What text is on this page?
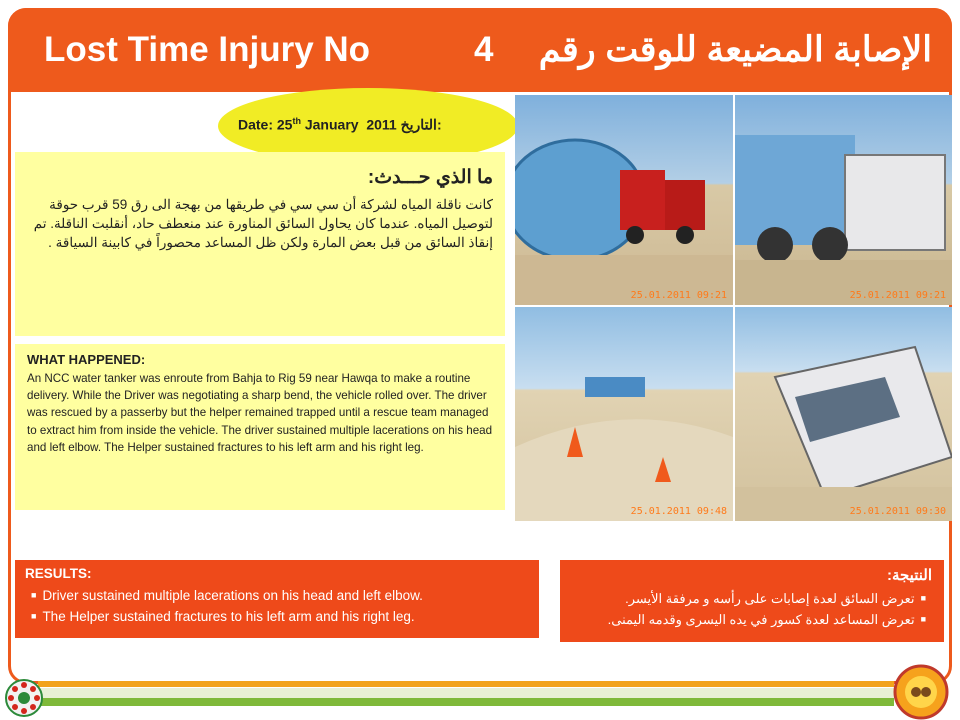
Lost Time Injury No	4 الإصابة المضيعة للوقت رقم
Date: 25th January  2011 التاريخ:
ما الذي حـــدث:
كانت ناقلة المياه لشركة أن سي سي في طريقها من بهجة الى رق 59 قرب حوقة لتوصيل المياه. عندما كان يحاول السائق المناورة عند منعطف حاد، أنقلبت الناقلة. تم إنقاذ السائق من قبل بعض المارة ولكن ظل المساعد محصوراً في كابينة السياقة .
WHAT HAPPENED:
An NCC water tanker was enroute from Bahja to Rig 59 near Hawqa to make a routine delivery. While the Driver was negotiating a sharp bend, the vehicle rolled over. The driver was rescued by a passerby but the helper remained trapped until a rescue team managed to extract him from inside the vehicle. The driver sustained multiple lacerations on his head and left elbow. The Helper sustained fractures to his left arm and his right leg.
25.01.2011 09:21	25.01.2011 09:21
25.01.2011 09:48	25.01.2011 09:30
RESULTS:
■ Driver sustained multiple lacerations on his head and left elbow.
■ The Helper sustained fractures to his left arm and his right leg.
النتيجة:
■تعرض السائق لعدة إصابات على رأسه و مرفقة الأيسر.
■تعرض المساعد لعدة كسور في يده اليسرى وقدمه اليمنى.
